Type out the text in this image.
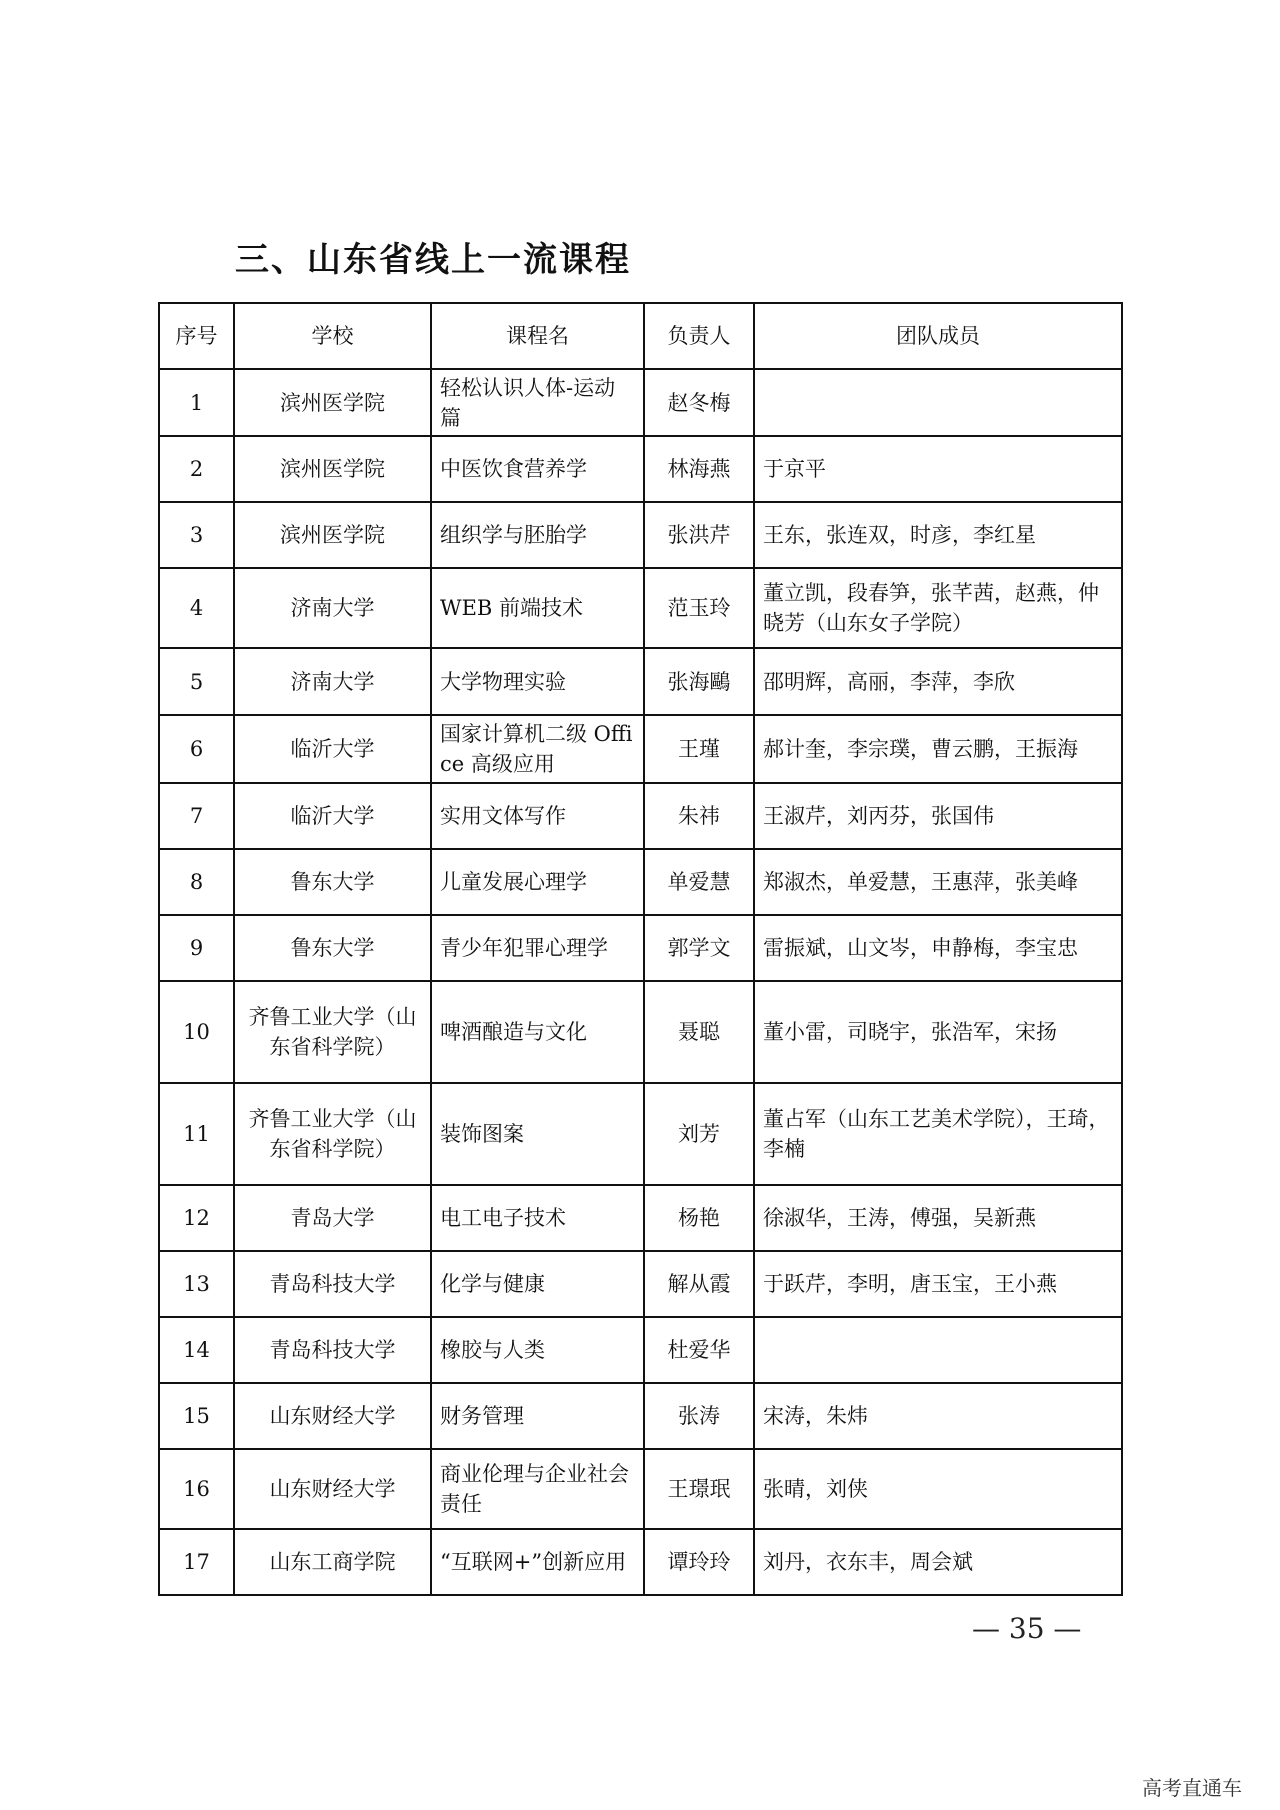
三、山东省线上一流课程
序号	学校	课程名	负责人	团队成员
1	滨州医学院	轻松认识人体-运动篇	赵冬梅	
2	滨州医学院	中医饮食营养学	林海燕	于京平
3	滨州医学院	组织学与胚胎学	张洪芹	王东，张连双，时彦，李红星
4	济南大学	WEB 前端技术	范玉玲	董立凯，段春笋，张芊茜，赵燕，仲晓芳（山东女子学院）
5	济南大学	大学物理实验	张海鷗	邵明辉，高丽，李萍，李欣
6	临沂大学	国家计算机二级 Office 高级应用	王瑾	郝计奎，李宗璞，曹云鹏，王振海
7	临沂大学	实用文体写作	朱祎	王淑芹，刘丙芬，张国伟
8	鲁东大学	儿童发展心理学	单爱慧	郑淑杰，单爱慧，王惠萍，张美峰
9	鲁东大学	青少年犯罪心理学	郭学文	雷振斌，山文岑，申静梅，李宝忠
10	齐鲁工业大学（山东省科学院）	啤酒酿造与文化	聂聪	董小雷，司晓宇，张浩军，宋扬
11	齐鲁工业大学（山东省科学院）	装饰图案	刘芳	董占军（山东工艺美术学院），王琦，李楠
12	青岛大学	电工电子技术	杨艳	徐淑华，王涛，傅强，吴新燕
13	青岛科技大学	化学与健康	解从霞	于跃芹，李明，唐玉宝，王小燕
14	青岛科技大学	橡胶与人类	杜爱华	
15	山东财经大学	财务管理	张涛	宋涛，朱炜
16	山东财经大学	商业伦理与企业社会责任	王璟珉	张晴，刘侠
17	山东工商学院	“互联网+”创新应用	谭玲玲	刘丹，衣东丰，周会斌
— 35 —
高考直通车
